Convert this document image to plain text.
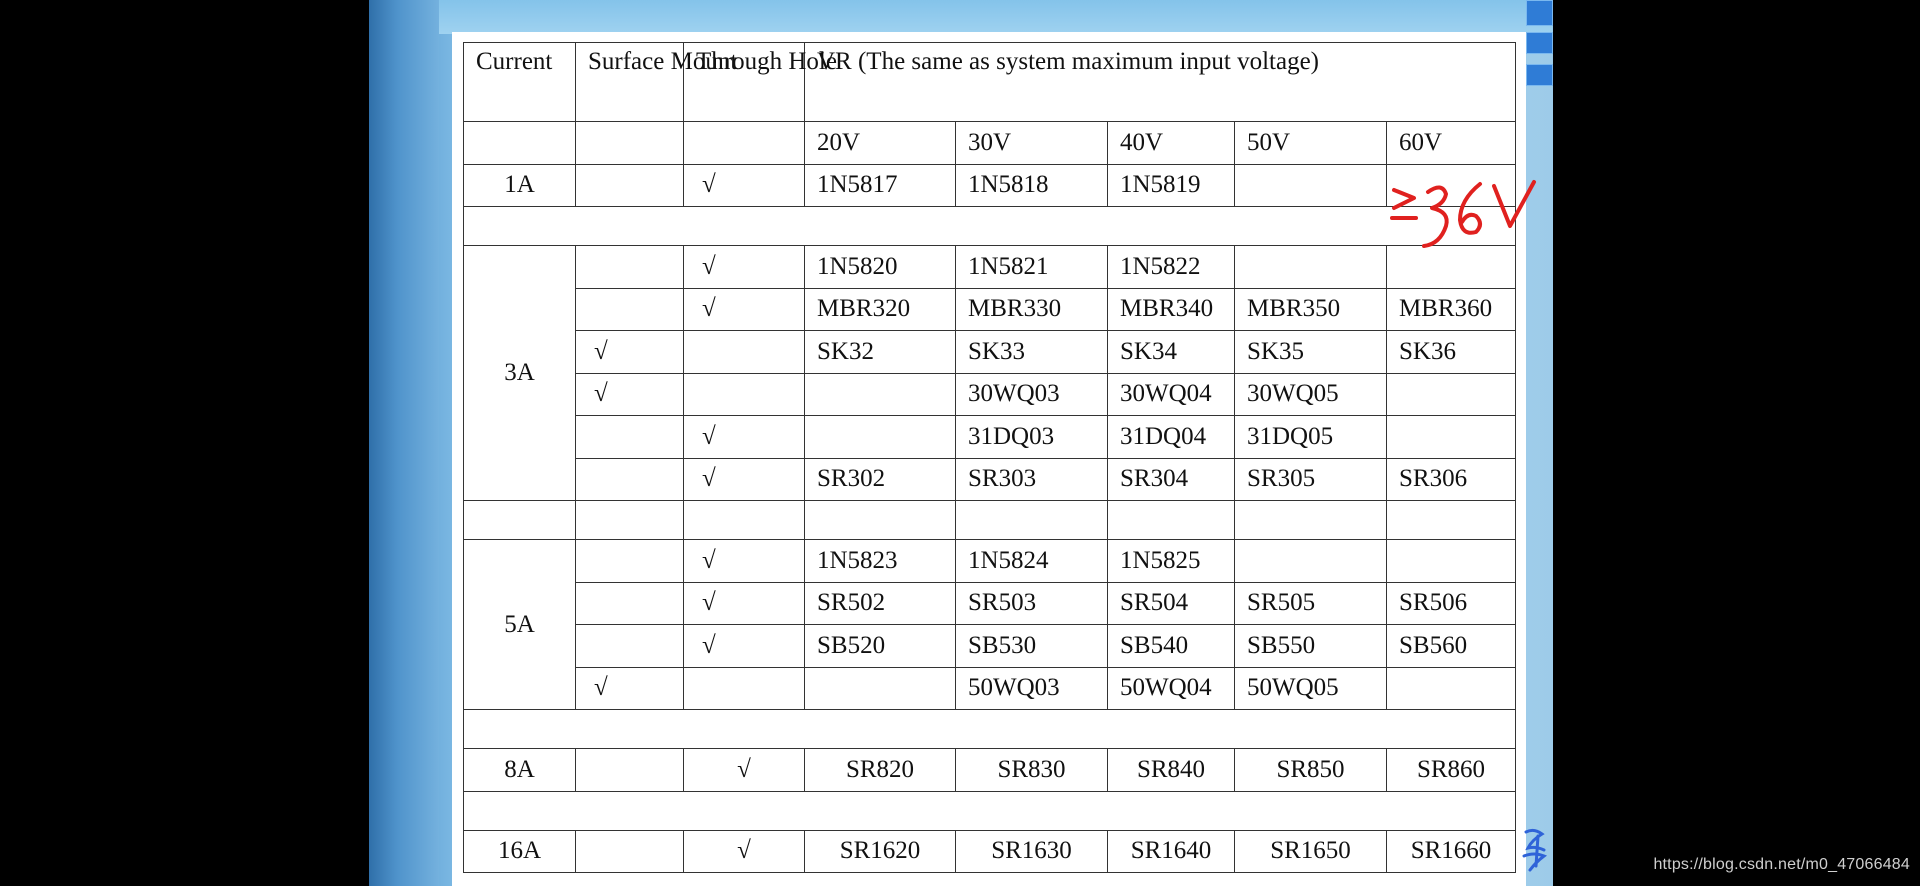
Current	Surface Mount	Through Hole	VR (The same as system maximum input voltage)				
			20V	30V	40V	50V	60V
1A		√	1N5817	1N5818	1N5819		

3A		√	1N5820	1N5821	1N5822		
		√	MBR320	MBR330	MBR340	MBR350	MBR360
	√		SK32	SK33	SK34	SK35	SK36
	√			30WQ03	30WQ04	30WQ05	
		√		31DQ03	31DQ04	31DQ05	
		√	SR302	SR303	SR304	SR305	SR306

5A		√	1N5823	1N5824	1N5825		
		√	SR502	SR503	SR504	SR505	SR506
		√	SB520	SB530	SB540	SB550	SB560
	√			50WQ03	50WQ04	50WQ05	

8A		√	SR820	SR830	SR840	SR850	SR860

16A		√	SR1620	SR1630	SR1640	SR1650	SR1660
https://blog.csdn.net/m0_47066484
